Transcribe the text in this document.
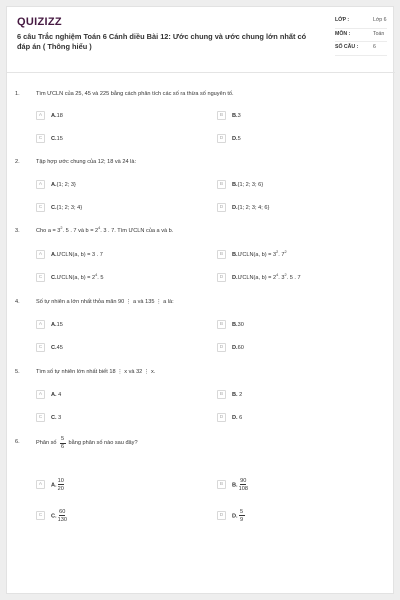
QUIZIZZ
6 câu Trắc nghiệm Toán 6 Cánh diều Bài 12: Ước chung và ước chung lớn nhất có đáp án ( Thông hiểu )
LỚP :	Lớp 6
MÔN :	Toán
SỐ CÂU :	6
1.	Tìm ƯCLN của 25, 45 và 225 bằng cách phân tích các số ra thừa số nguyên tố.
A	A.18	B	B.3
C	C.15	D	D.5
2.	Tập hợp ước chung của 12; 18 và 24 là:
A	A.{1; 2; 3}	B	B.{1; 2; 3; 6}
C	C.{1; 2; 3; 4}	D	D.{1; 2; 3; 4; 6}
3.	Cho $a = 3^2$. 5 . 7 và $b = 2^4$. 3 . 7. Tìm ƯCLN của a và b.
A	A.ƯCLN(a, b) = 3 . 7	B	B.ƯCLN(a, $b) = 3^2$. $7^2$
C	C.ƯCLN(a, $b) = 2^4$. 5	D	D.ƯCLN(a, $b) = 2^4$. $3^2$. 5 . 7
4.	Số tự nhiên a lớn nhất thỏa mãn 90 ⋮ a và 135 ⋮ a là:
A	A.15	B	B.30
C	C.45	D	D.60
5.	Tìm số tự nhiên lớn nhất biết 18 ⋮ x và 32 ⋮ x.
A	A. 4	B	B. 2
C	C. 3	D	D. 6
6.	Phân số $\frac{5}{6}$ bằng phân số nào sau đây?
A	A. $\frac{10}{20}$	B	B. $\frac{90}{108}$
C	C. $\frac{60}{130}$	D	D. $\frac{5}{9}$
